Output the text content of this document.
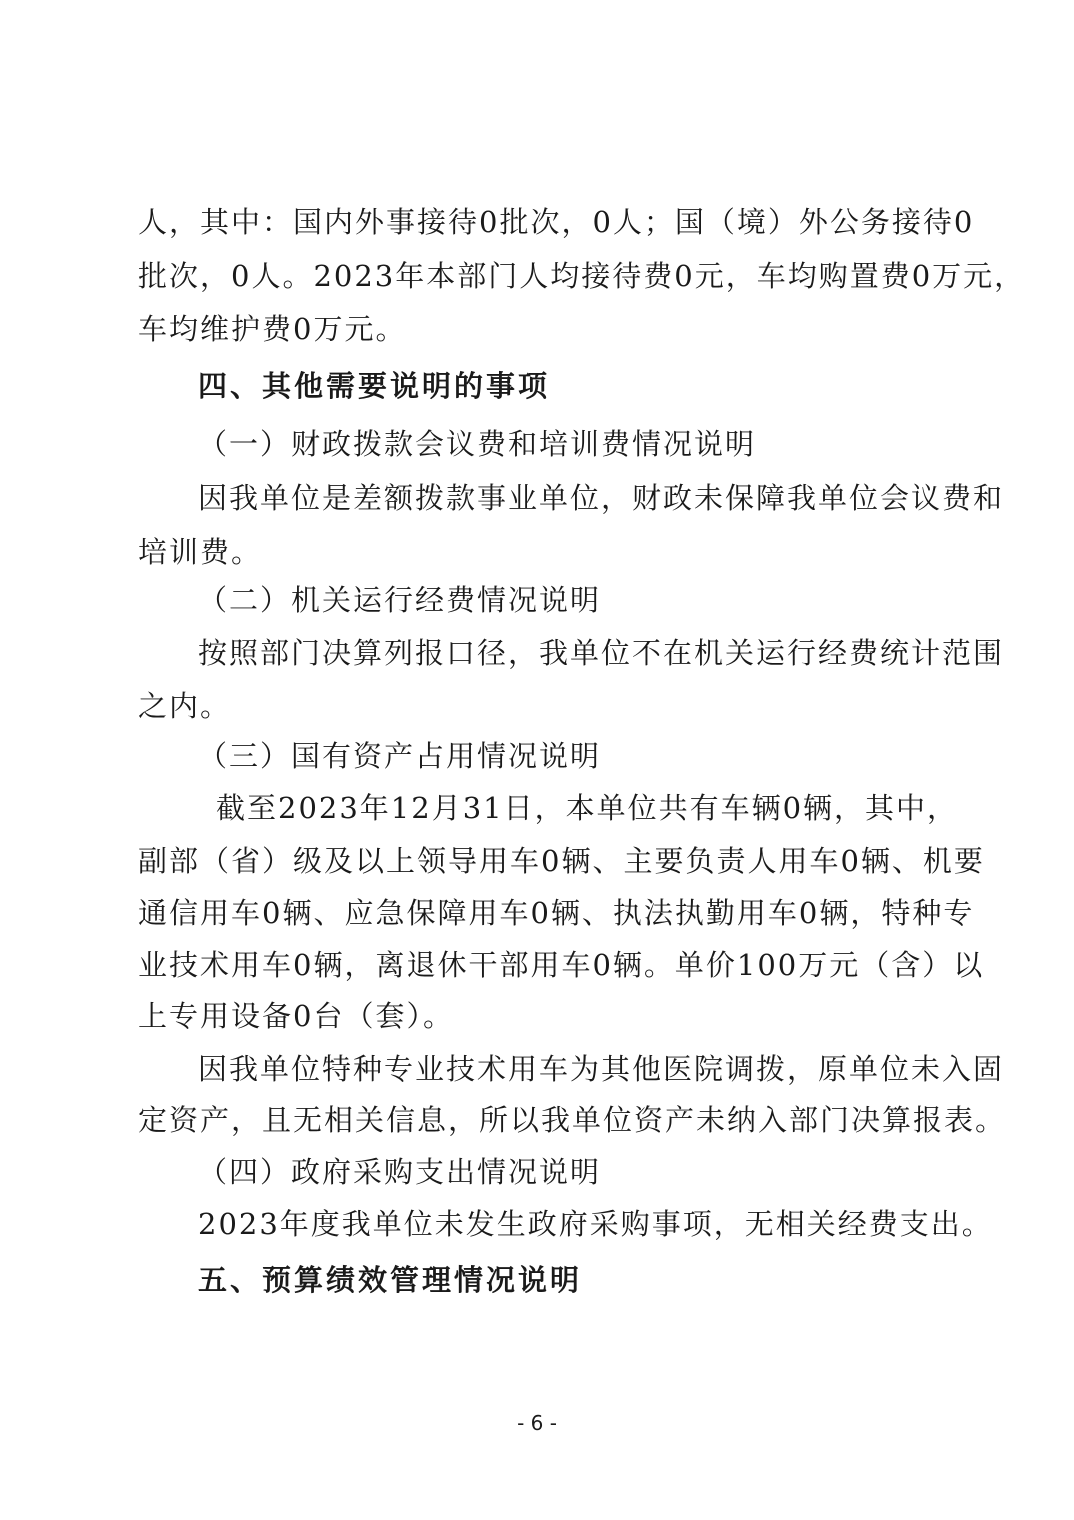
人，其中：国内外事接待0批次，0人；国（境）外公务接待0
批次，0人。2023年本部门人均接待费0元，车均购置费0万元，
车均维护费0万元。
四、其他需要说明的事项
（一）财政拨款会议费和培训费情况说明
因我单位是差额拨款事业单位，财政未保障我单位会议费和
培训费。
（二）机关运行经费情况说明
按照部门决算列报口径，我单位不在机关运行经费统计范围
之内。
（三）国有资产占用情况说明
截至2023年12月31日，本单位共有车辆0辆，其中，
副部（省）级及以上领导用车0辆、主要负责人用车0辆、机要
通信用车0辆、应急保障用车0辆、执法执勤用车0辆，特种专
业技术用车0辆，离退休干部用车0辆。单价100万元（含）以
上专用设备0台（套）。
因我单位特种专业技术用车为其他医院调拨，原单位未入固
定资产，且无相关信息，所以我单位资产未纳入部门决算报表。
（四）政府采购支出情况说明
2023年度我单位未发生政府采购事项，无相关经费支出。
五、预算绩效管理情况说明
- 6 -
